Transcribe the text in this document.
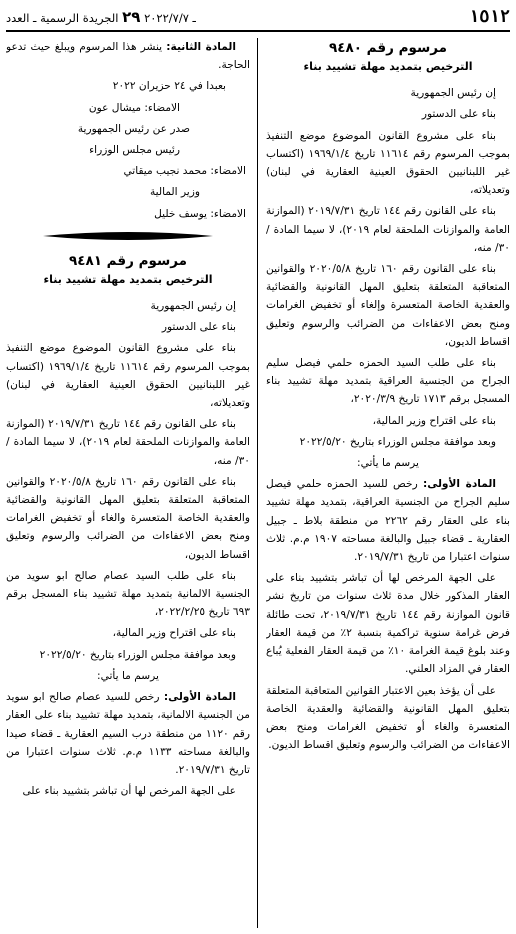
١٥١٢
ـ ٢٠٢٢/٧/٧ ٢٩ الجريدة الرسمية ـ العدد

مرسوم رقم ٩٤٨٠

الترخيص بتمديد مهلة تشييد بناء

إن رئيس الجمهورية

بناء على الدستور

بناء على مشروع القانون الموضوع موضع التنفيذ بموجب المرسوم رقم ١١٦١٤ تاريخ ١٩٦٩/١/٤ (اكتساب غير اللبنانيين الحقوق العينية العقارية في لبنان) وتعديلاته،

بناء على القانون رقم ١٤٤ تاريخ ٢٠١٩/٧/٣١ (الموازنة العامة والموازنات الملحقة لعام ٢٠١٩)، لا سيما المادة /٣٠/ منه،

بناء على القانون رقم ١٦٠ تاريخ ٢٠٢٠/٥/٨ والقوانين المتعاقبة المتعلقة بتعليق المهل القانونية والقضائية والعقدية الخاصة المتعسرة وإلغاء أو تخفيض الغرامات ومنح بعض الاعفاءات من الضرائب والرسوم وتعليق اقساط الديون،

بناء على طلب السيد الحمزه حلمي فيصل سليم الجراح من الجنسية العراقية بتمديد مهلة تشييد بناء المسجل برقم ١٧١٣ تاريخ ٢٠٢٠/٣/٩،

بناء على اقتراح وزير المالية،

وبعد موافقة مجلس الوزراء بتاريخ ٢٠٢٢/٥/٢٠

يرسم ما يأتي:

المادة الأولى: رخص للسيد الحمزه حلمي فيصل سليم الجراح من الجنسية العراقية، بتمديد مهلة تشييد بناء على العقار رقم ٢٢٦٢ من منطقة بلاط ـ جبيل العقارية ـ قضاء جبيل والبالغة مساحته ١٩٠٧ م.م. ثلاث سنوات اعتبارا من تاريخ ٢٠١٩/٧/٣١.

على الجهة المرخص لها أن تباشر بتشييد بناء على العقار المذكور خلال مدة ثلاث سنوات من تاريخ نشر قانون الموازنة رقم ١٤٤ تاريخ ٢٠١٩/٧/٣١، تحت طائلة فرض غرامة سنوية تراكمية بنسبة ٢٪ من قيمة العقار وعند بلوغ قيمة الغرامة ١٠٪ من قيمة العقار الفعلية يُباع العقار في المزاد العلني.

على أن يؤخذ بعين الاعتبار القوانين المتعاقبة المتعلقة بتعليق المهل القانونية والقضائية والعقدية الخاصة المتعسرة والغاء أو تخفيض الغرامات ومنح بعض الاعفاءات من الضرائب والرسوم وتعليق اقساط الديون.

المادة الثانية: ينشر هذا المرسوم ويبلغ حيث تدعو الحاجة.

بعبدا في ٢٤ حزيران ٢٠٢٢

الامضاء: ميشال عون

صدر عن رئيس الجمهورية

رئيس مجلس الوزراء

الامضاء: محمد نجيب ميقاتي

وزير المالية

الامضاء: يوسف خليل

مرسوم رقم ٩٤٨١

الترخيص بتمديد مهلة تشييد بناء

إن رئيس الجمهورية

بناء على الدستور

بناء على مشروع القانون الموضوع موضع التنفيذ بموجب المرسوم رقم ١١٦١٤ تاريخ ١٩٦٩/١/٤ (اكتساب غير اللبنانيين الحقوق العينية العقارية في لبنان) وتعديلاته،

بناء على القانون رقم ١٤٤ تاريخ ٢٠١٩/٧/٣١ (الموازنة العامة والموازنات الملحقة لعام ٢٠١٩)، لا سيما المادة /٣٠/ منه،

بناء على القانون رقم ١٦٠ تاريخ ٢٠٢٠/٥/٨ والقوانين المتعاقبة المتعلقة بتعليق المهل القانونية والقضائية والعقدية الخاصة المتعسرة والغاء أو تخفيض الغرامات ومنح بعض الاعفاءات من الضرائب والرسوم وتعليق اقساط الديون،

بناء على طلب السيد عصام صالح ابو سويد من الجنسية الالمانية بتمديد مهلة تشييد بناء المسجل برقم ٦٩٣ تاريخ ٢٠٢٢/٢/٢٥،

بناء على اقتراح وزير المالية،

وبعد موافقة مجلس الوزراء بتاريخ ٢٠٢٢/٥/٢٠

يرسم ما يأتي:

المادة الأولى: رخص للسيد عصام صالح ابو سويد من الجنسية الالمانية، بتمديد مهلة تشييد بناء على العقار رقم ١١٢٠ من منطقة درب السيم العقارية ـ قضاء صيدا والبالغة مساحته ١١٣٣ م.م. ثلاث سنوات اعتبارا من تاريخ ٢٠١٩/٧/٣١.

على الجهة المرخص لها أن تباشر بتشييد بناء على
